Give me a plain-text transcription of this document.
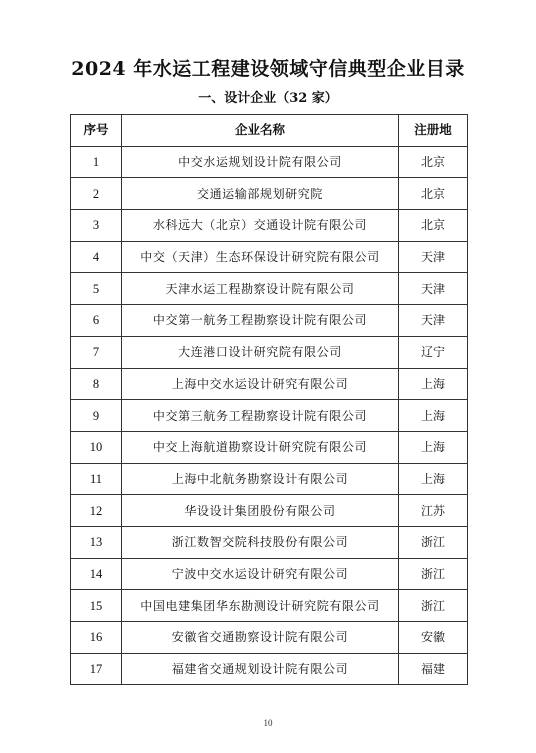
2024 年水运工程建设领域守信典型企业目录
一、设计企业（32 家）
序号	企业名称	注册地
1	中交水运规划设计院有限公司	北京
2	交通运输部规划研究院	北京
3	水科远大（北京）交通设计院有限公司	北京
4	中交（天津）生态环保设计研究院有限公司	天津
5	天津水运工程勘察设计院有限公司	天津
6	中交第一航务工程勘察设计院有限公司	天津
7	大连港口设计研究院有限公司	辽宁
8	上海中交水运设计研究有限公司	上海
9	中交第三航务工程勘察设计院有限公司	上海
10	中交上海航道勘察设计研究院有限公司	上海
11	上海中北航务勘察设计有限公司	上海
12	华设设计集团股份有限公司	江苏
13	浙江数智交院科技股份有限公司	浙江
14	宁波中交水运设计研究有限公司	浙江
15	中国电建集团华东勘测设计研究院有限公司	浙江
16	安徽省交通勘察设计院有限公司	安徽
17	福建省交通规划设计院有限公司	福建
10
